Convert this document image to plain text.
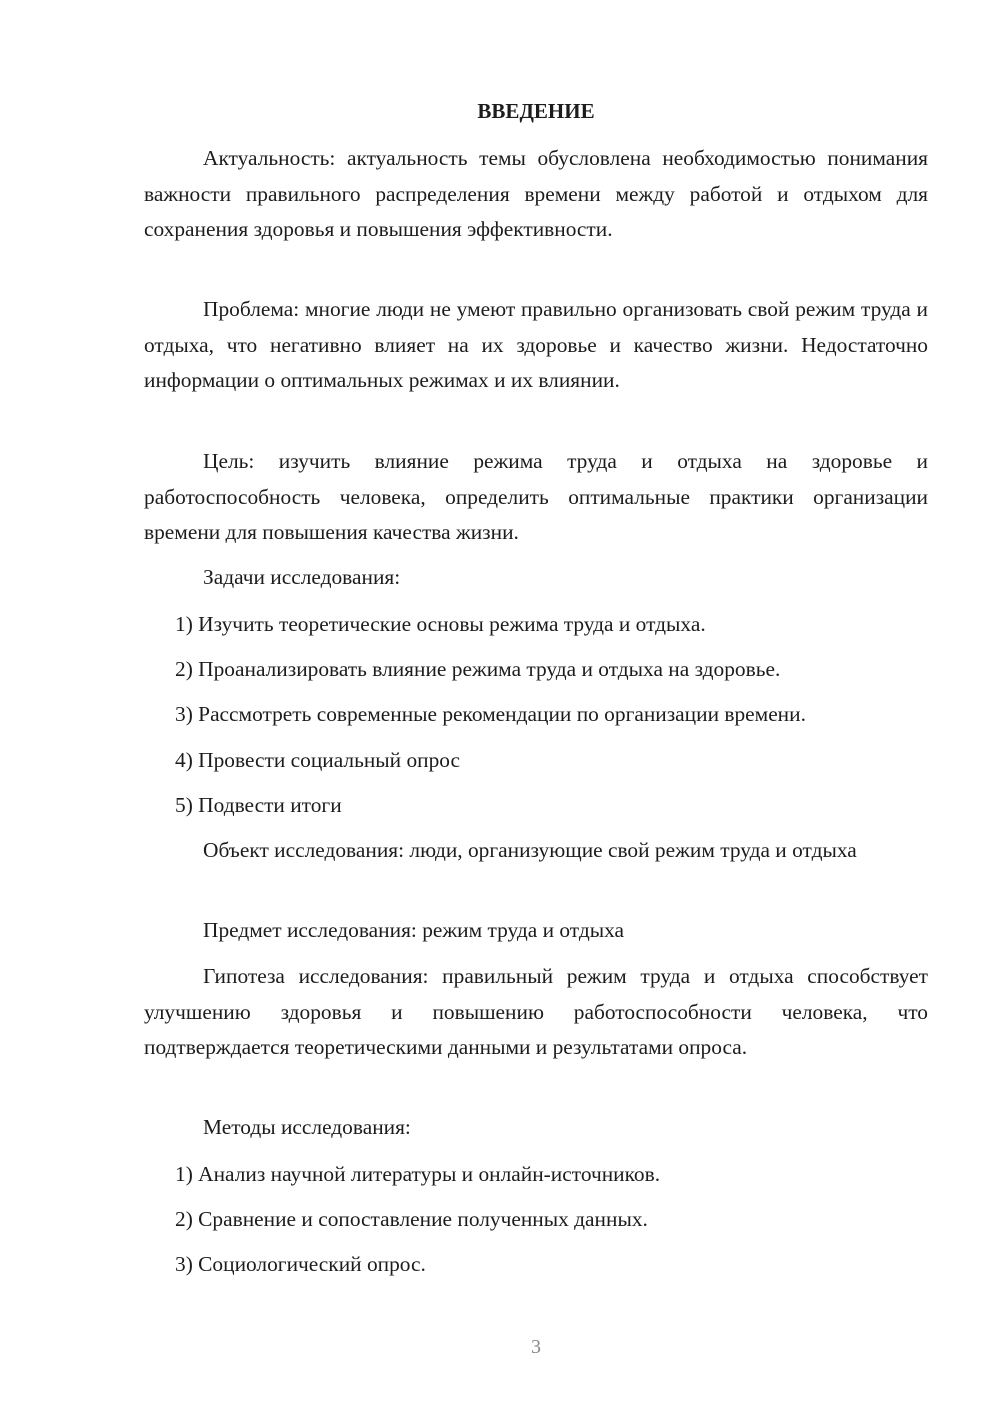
ВВЕДЕНИЕ

Актуальность: актуальность темы обусловлена необходимостью понимания важности правильного распределения времени между работой и отдыхом для сохранения здоровья и повышения эффективности.

Проблема: многие люди не умеют правильно организовать свой режим труда и отдыха, что негативно влияет на их здоровье и качество жизни. Недостаточно информации о оптимальных режимах и их влиянии.

Цель: изучить влияние режима труда и отдыха на здоровье и работоспособность человека, определить оптимальные практики организации времени для повышения качества жизни.

Задачи исследования:

1) Изучить теоретические основы режима труда и отдыха.

2) Проанализировать влияние режима труда и отдыха на здоровье.

3) Рассмотреть современные рекомендации по организации времени.

4) Провести социальный опрос

5) Подвести итоги

Объект исследования: люди, организующие свой режим труда и отдыха

Предмет исследования: режим труда и отдыха

Гипотеза исследования: правильный режим труда и отдыха способствует улучшению здоровья и повышению работоспособности человека, что подтверждается теоретическими данными и результатами опроса.

Методы исследования:

1) Анализ научной литературы и онлайн-источников.

2) Сравнение и сопоставление полученных данных.

3) Социологический опрос.

3
